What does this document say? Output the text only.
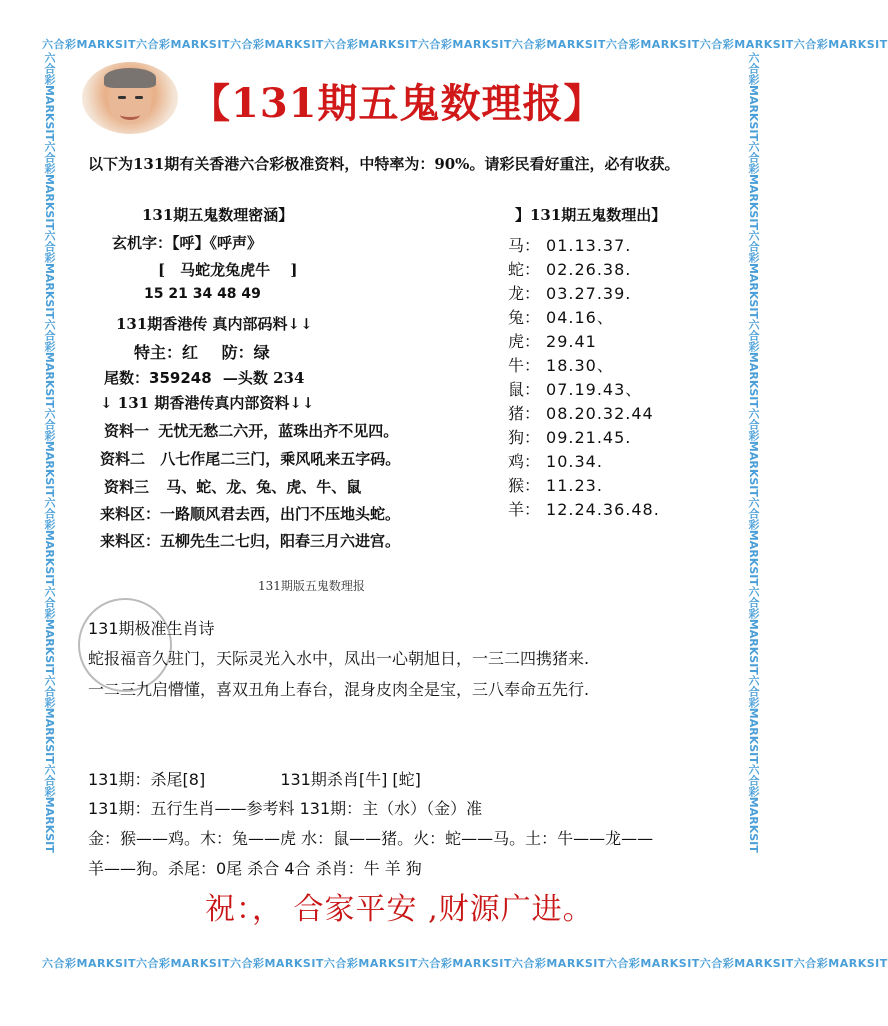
六合彩MARKSIT六合彩MARKSIT六合彩MARKSIT六合彩MARKSIT六合彩MARKSIT六合彩MARKSIT六合彩MARKSIT六合彩MARKSIT六合彩MARKSIT
六合彩MARKSIT六合彩MARKSIT六合彩MARKSIT六合彩MARKSIT六合彩MARKSIT六合彩MARKSIT六合彩MARKSIT六合彩MARKSIT六合彩MARKSIT
六合彩MARKSIT六合彩MARKSIT六合彩MARKSIT六合彩MARKSIT六合彩MARKSIT六合彩MARKSIT六合彩MARKSIT六合彩MARKSIT六合彩MARKSIT	六合彩MARKSIT六合彩MARKSIT六合彩MARKSIT六合彩MARKSIT六合彩MARKSIT六合彩MARKSIT六合彩MARKSIT六合彩MARKSIT六合彩MARKSIT
【131期五鬼数理报】
以下为131期有关香港六合彩极准资料，中特率为：90%。请彩民看好重注，必有收获。
131期五鬼数理密涵】
玄机字：【呼】《呼声》
[　马蛇龙兔虎牛　 ]
15 21 34 48 49
131期香港传 真内部码料↓↓
特主：红 防：绿
尾数：359248 —头数 234
↓ 131 期香港传真内部资料↓↓
资料一 无忧无愁二六开，蓝珠出齐不见四。
资料二 八七作尾二三门，乘风吼来五字码。
资料三 马、蛇、龙、兔、虎、牛、鼠
来料区：一路顺风君去西，出门不压地头蛇。
来料区：五柳先生二七归，阳春三月六进宫。
】131期五鬼数理出】
马： 01.13.37.
蛇： 02.26.38.
龙： 03.27.39.
兔： 04.16、
虎： 29.41
牛： 18.30、
鼠： 07.19.43、
猪： 08.20.32.44
狗： 09.21.45.
鸡： 10.34.
猴： 11.23.
羊： 12.24.36.48.
131期版五鬼数理报
131期极准生肖诗
蛇报福音久驻门，天际灵光入水中，凤出一心朝旭日，一三二四携猪来.
一二三九启懵懂，喜双丑角上春台，混身皮肉全是宝，三八奉命五先行.
131期：杀尾[8]	131期杀肖[牛] [蛇]
131期：五行生肖——参考料 131期：主（水）（金）准
金：猴——鸡。木：兔——虎 水：鼠——猪。火：蛇——马。土：牛——龙——
羊——狗。杀尾：0尾 杀合 4合 杀肖：牛 羊 狗
祝：， 合家平安 ,财源广进。
